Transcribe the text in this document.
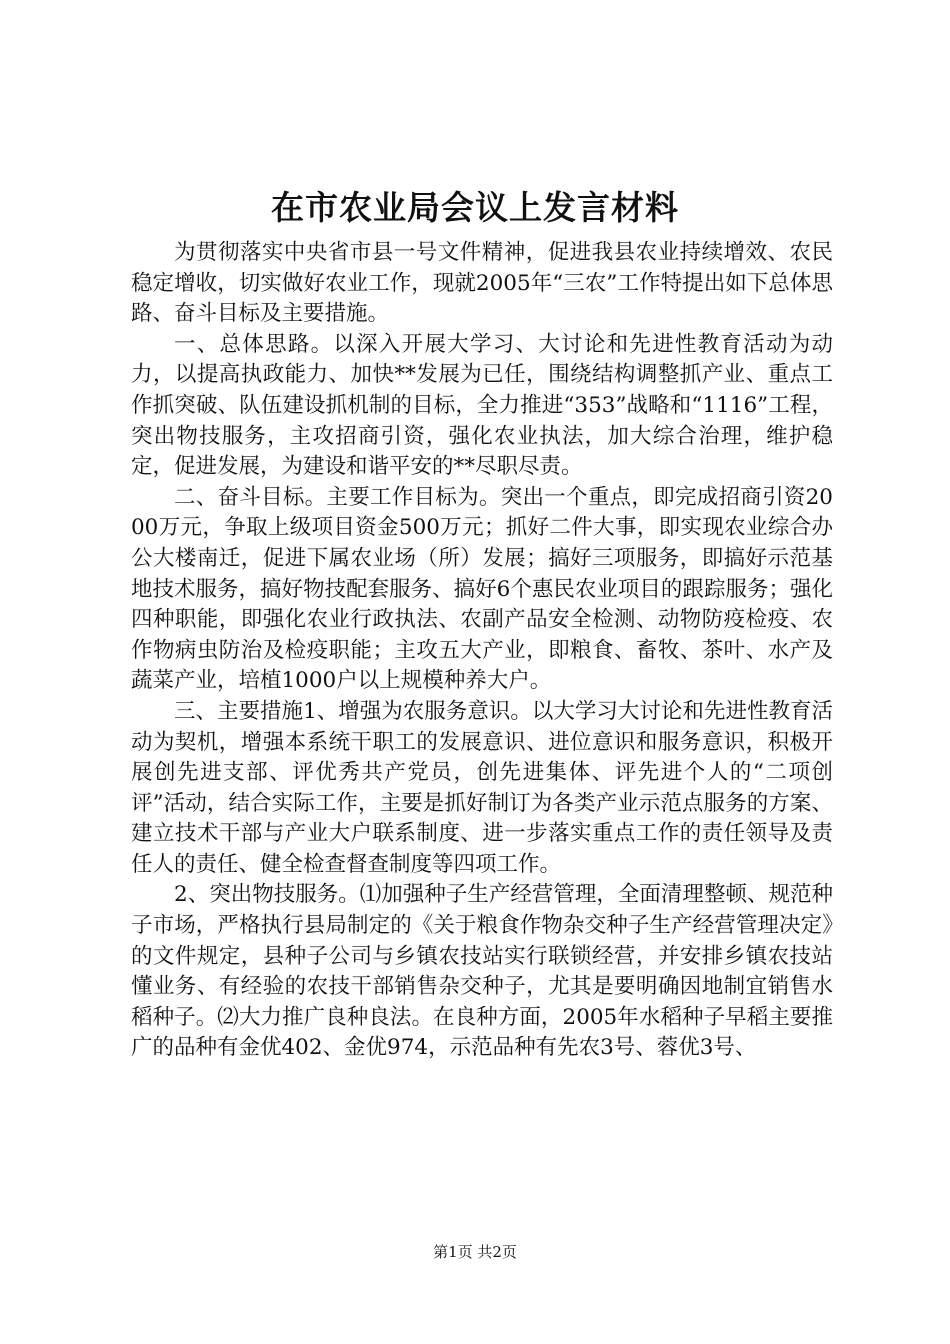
在市农业局会议上发言材料

为贯彻落实中央省市县一号文件精神，促进我县农业持续增效、农民稳定增收，切实做好农业工作，现就2005年“三农”工作特提出如下总体思路、奋斗目标及主要措施。

一、总体思路。以深入开展大学习、大讨论和先进性教育活动为动力，以提高执政能力、加快**发展为已任，围绕结构调整抓产业、重点工作抓突破、队伍建设抓机制的目标，全力推进“353”战略和“1116”工程，突出物技服务，主攻招商引资，强化农业执法，加大综合治理，维护稳定，促进发展，为建设和谐平安的**尽职尽责。

二、奋斗目标。主要工作目标为。突出一个重点，即完成招商引资2000万元，争取上级项目资金500万元；抓好二件大事，即实现农业综合办公大楼南迁，促进下属农业场（所）发展；搞好三项服务，即搞好示范基地技术服务，搞好物技配套服务、搞好6个惠民农业项目的跟踪服务；强化四种职能，即强化农业行政执法、农副产品安全检测、动物防疫检疫、农作物病虫防治及检疫职能；主攻五大产业，即粮食、畜牧、茶叶、水产及蔬菜产业，培植1000户以上规模种养大户。

三、主要措施1、增强为农服务意识。以大学习大讨论和先进性教育活动为契机，增强本系统干职工的发展意识、进位意识和服务意识，积极开展创先进支部、评优秀共产党员，创先进集体、评先进个人的“二项创评”活动，结合实际工作，主要是抓好制订为各类产业示范点服务的方案、建立技术干部与产业大户联系制度、进一步落实重点工作的责任领导及责任人的责任、健全检查督查制度等四项工作。

2、突出物技服务。⑴加强种子生产经营管理，全面清理整顿、规范种子市场，严格执行县局制定的《关于粮食作物杂交种子生产经营管理决定》的文件规定，县种子公司与乡镇农技站实行联锁经营，并安排乡镇农技站懂业务、有经验的农技干部销售杂交种子，尤其是要明确因地制宜销售水稻种子。⑵大力推广良种良法。在良种方面，2005年水稻种子早稻主要推广的品种有金优402、金优974，示范品种有先农3号、蓉优3号、

第1页 共2页
